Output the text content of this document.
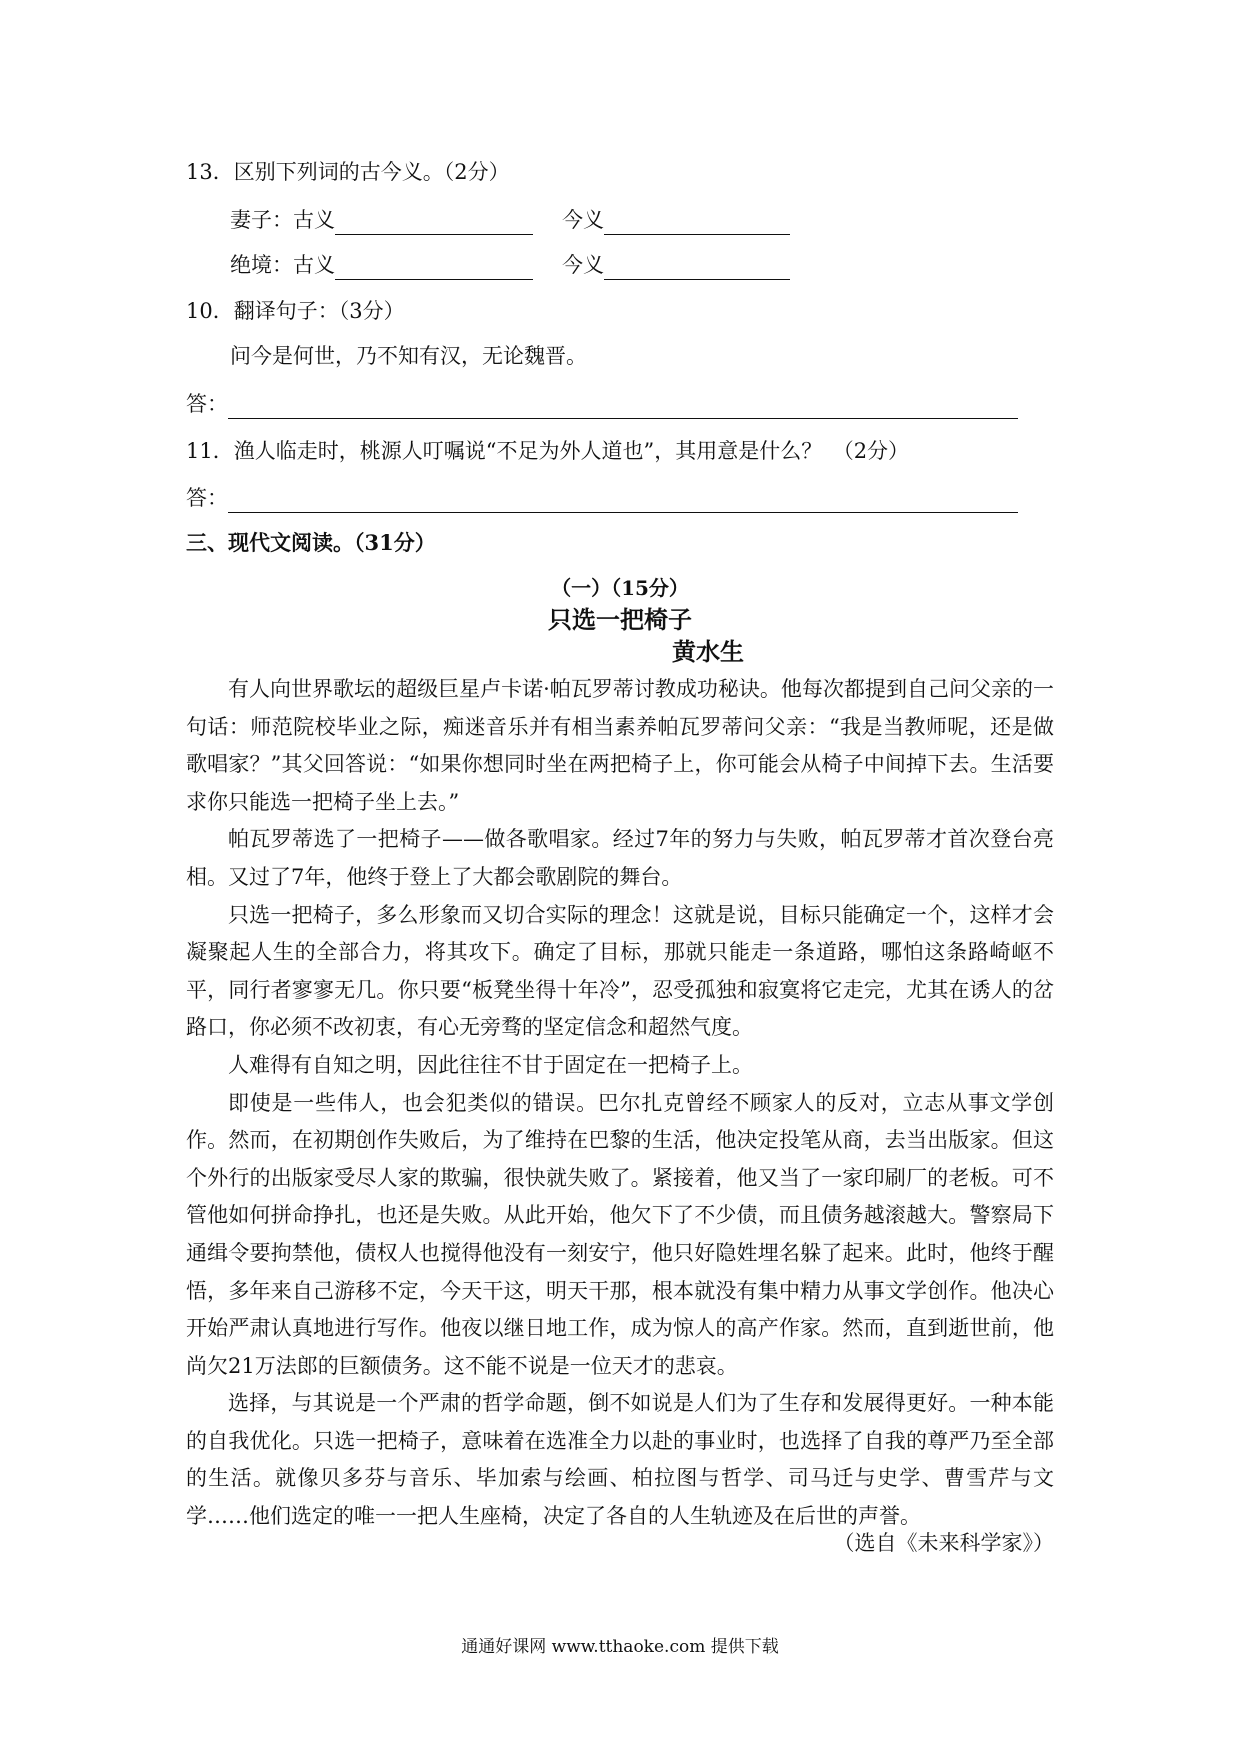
13．区别下列词的古今义。（2分）
妻子：古义	今义
绝境：古义	今义
10．翻译句子：（3分）
问今是何世，乃不知有汉，无论魏晋。
答：
11．渔人临走时，桃源人叮嘱说“不足为外人道也”，其用意是什么？　（2分）
答：
三、现代文阅读。（31分）
（一）（15分）
只选一把椅子
黄水生

有人向世界歌坛的超级巨星卢卡诺·帕瓦罗蒂讨教成功秘诀。他每次都提到自己问父亲的一句话：师范院校毕业之际，痴迷音乐并有相当素养帕瓦罗蒂问父亲：“我是当教师呢，还是做歌唱家？”其父回答说：“如果你想同时坐在两把椅子上，你可能会从椅子中间掉下去。生活要求你只能选一把椅子坐上去。”

帕瓦罗蒂选了一把椅子——做各歌唱家。经过7年的努力与失败，帕瓦罗蒂才首次登台亮相。又过了7年，他终于登上了大都会歌剧院的舞台。

只选一把椅子，多么形象而又切合实际的理念！这就是说，目标只能确定一个，这样才会凝聚起人生的全部合力，将其攻下。确定了目标，那就只能走一条道路，哪怕这条路崎岖不平，同行者寥寥无几。你只要“板凳坐得十年冷”，忍受孤独和寂寞将它走完，尤其在诱人的岔路口，你必须不改初衷，有心无旁骛的坚定信念和超然气度。

人难得有自知之明，因此往往不甘于固定在一把椅子上。

即使是一些伟人，也会犯类似的错误。巴尔扎克曾经不顾家人的反对，立志从事文学创作。然而，在初期创作失败后，为了维持在巴黎的生活，他决定投笔从商，去当出版家。但这个外行的出版家受尽人家的欺骗，很快就失败了。紧接着，他又当了一家印刷厂的老板。可不管他如何拼命挣扎，也还是失败。从此开始，他欠下了不少债，而且债务越滚越大。警察局下通缉令要拘禁他，债权人也搅得他没有一刻安宁，他只好隐姓埋名躲了起来。此时，他终于醒悟，多年来自己游移不定，今天干这，明天干那，根本就没有集中精力从事文学创作。他决心开始严肃认真地进行写作。他夜以继日地工作，成为惊人的高产作家。然而，直到逝世前，他尚欠21万法郎的巨额债务。这不能不说是一位天才的悲哀。

选择，与其说是一个严肃的哲学命题，倒不如说是人们为了生存和发展得更好。一种本能的自我优化。只选一把椅子，意味着在选准全力以赴的事业时，也选择了自我的尊严乃至全部的生活。就像贝多芬与音乐、毕加索与绘画、柏拉图与哲学、司马迁与史学、曹雪芹与文学……他们选定的唯一一把人生座椅，决定了各自的人生轨迹及在后世的声誉。

（选自《未来科学家》）
通通好课网 www.tthaoke.com 提供下载
